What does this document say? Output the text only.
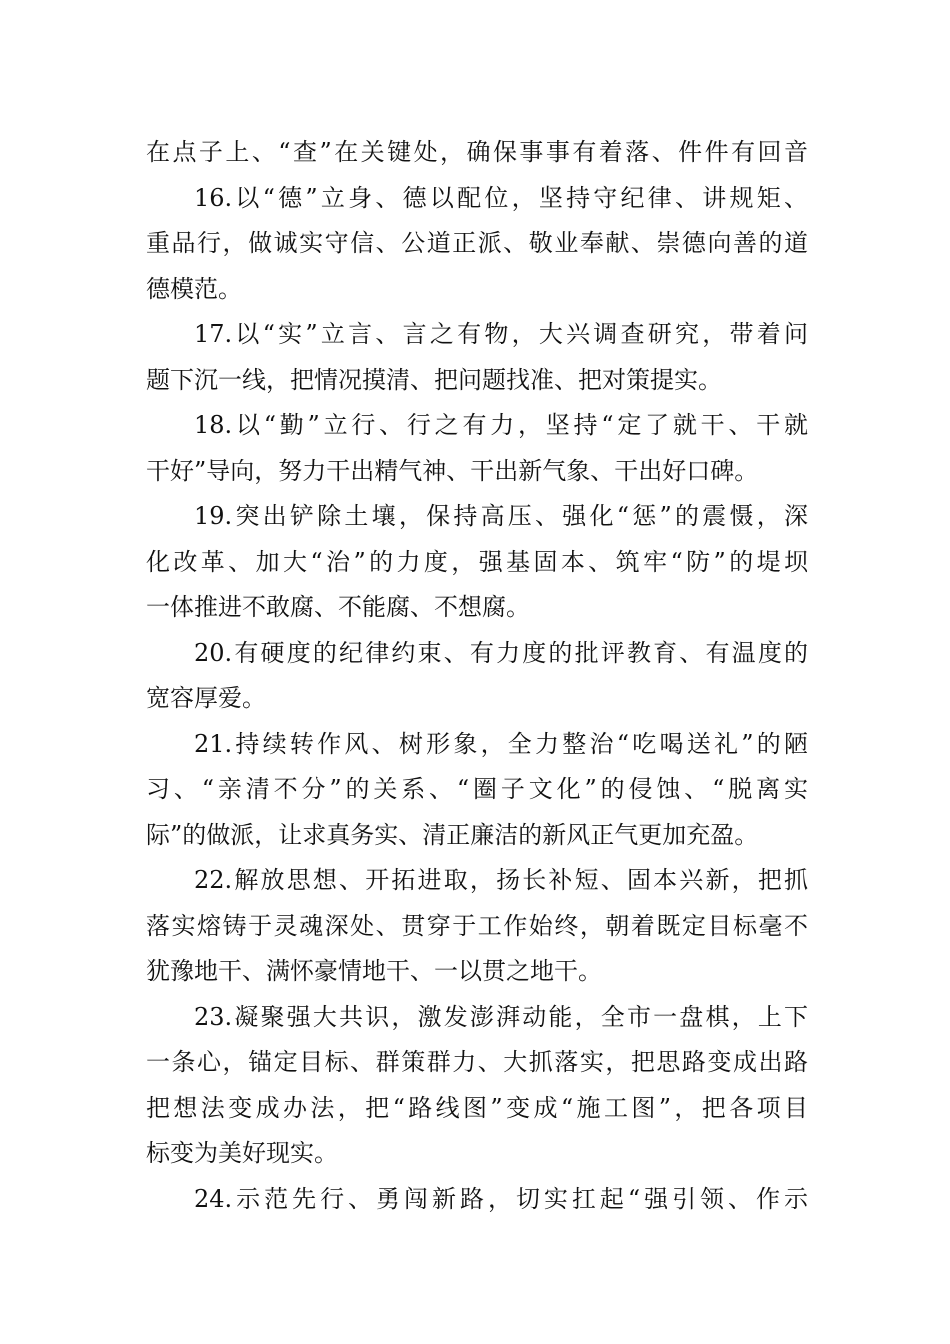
在点子上、“查”在关键处，确保事事有着落、件件有回音
16.以“德”立身、德以配位，坚持守纪律、讲规矩、
重品行，做诚实守信、公道正派、敬业奉献、崇德向善的道
德模范。
17.以“实”立言、言之有物，大兴调查研究，带着问
题下沉一线，把情况摸清、把问题找准、把对策提实。
18.以“勤”立行、行之有力，坚持“定了就干、干就
干好”导向，努力干出精气神、干出新气象、干出好口碑。
19.突出铲除土壤，保持高压、强化“惩”的震慑，深
化改革、加大“治”的力度，强基固本、筑牢“防”的堤坝
一体推进不敢腐、不能腐、不想腐。
20.有硬度的纪律约束、有力度的批评教育、有温度的
宽容厚爱。
21.持续转作风、树形象，全力整治“吃喝送礼”的陋
习、“亲清不分”的关系、“圈子文化”的侵蚀、“脱离实
际”的做派，让求真务实、清正廉洁的新风正气更加充盈。
22.解放思想、开拓进取，扬长补短、固本兴新，把抓
落实熔铸于灵魂深处、贯穿于工作始终，朝着既定目标毫不
犹豫地干、满怀豪情地干、一以贯之地干。
23.凝聚强大共识，激发澎湃动能，全市一盘棋，上下
一条心，锚定目标、群策群力、大抓落实，把思路变成出路
把想法变成办法，把“路线图”变成“施工图”，把各项目
标变为美好现实。
24.示范先行、勇闯新路，切实扛起“强引领、作示
